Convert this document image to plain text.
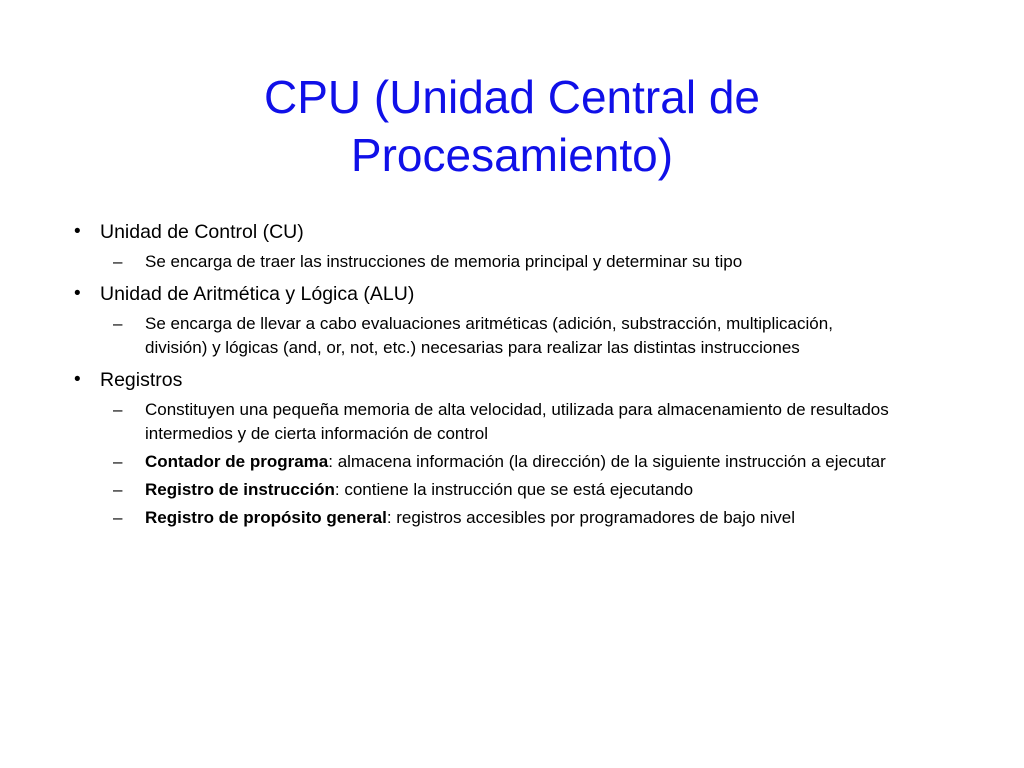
CPU (Unidad Central de
Procesamiento)
• Unidad de Control (CU)
– Se encarga de traer las instrucciones de memoria principal y determinar su tipo
• Unidad de Aritmética y Lógica (ALU)
– Se encarga de llevar a cabo evaluaciones aritméticas (adición, substracción, multiplicación, división) y lógicas (and, or, not, etc.) necesarias para realizar las distintas instrucciones
• Registros
– Constituyen una pequeña memoria de alta velocidad, utilizada para almacenamiento de resultados intermedios y de cierta información de control
– Contador de programa: almacena información (la dirección) de la siguiente instrucción a ejecutar
– Registro de instrucción: contiene la instrucción que se está ejecutando
– Registro de propósito general: registros accesibles por programadores de bajo nivel
